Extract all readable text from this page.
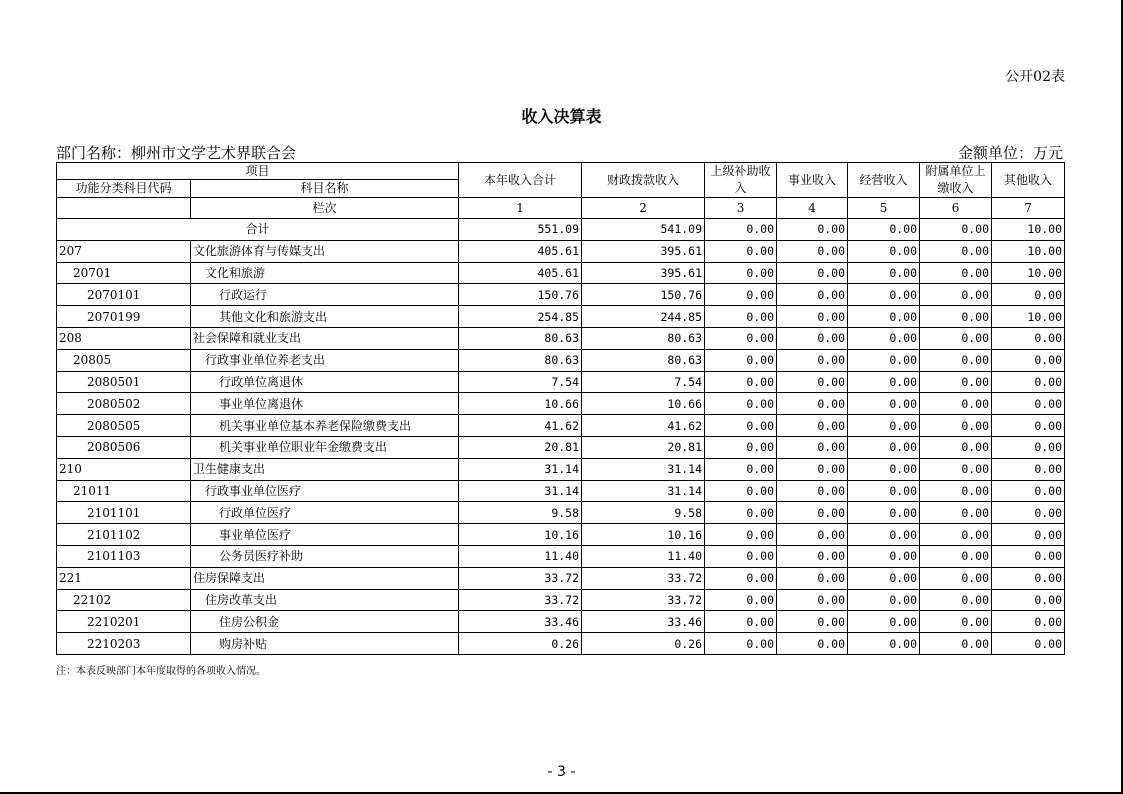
公开02表
收入决算表
部门名称：柳州市文学艺术界联合会	金额单位：万元
项目		本年收入合计	财政拨款收入	上级补助收入	事业收入	经营收入	附属单位上缴收入	其他收入
功能分类科目代码	科目名称							
	栏次	1	2	3	4	5	6	7
合计		551.09	541.09	0.00	0.00	0.00	0.00	10.00
207	文化旅游体育与传媒支出	405.61	395.61	0.00	0.00	0.00	0.00	10.00
20701	文化和旅游	405.61	395.61	0.00	0.00	0.00	0.00	10.00
2070101	行政运行	150.76	150.76	0.00	0.00	0.00	0.00	0.00
2070199	其他文化和旅游支出	254.85	244.85	0.00	0.00	0.00	0.00	10.00
208	社会保障和就业支出	80.63	80.63	0.00	0.00	0.00	0.00	0.00
20805	行政事业单位养老支出	80.63	80.63	0.00	0.00	0.00	0.00	0.00
2080501	行政单位离退休	7.54	7.54	0.00	0.00	0.00	0.00	0.00
2080502	事业单位离退休	10.66	10.66	0.00	0.00	0.00	0.00	0.00
2080505	机关事业单位基本养老保险缴费支出	41.62	41.62	0.00	0.00	0.00	0.00	0.00
2080506	机关事业单位职业年金缴费支出	20.81	20.81	0.00	0.00	0.00	0.00	0.00
210	卫生健康支出	31.14	31.14	0.00	0.00	0.00	0.00	0.00
21011	行政事业单位医疗	31.14	31.14	0.00	0.00	0.00	0.00	0.00
2101101	行政单位医疗	9.58	9.58	0.00	0.00	0.00	0.00	0.00
2101102	事业单位医疗	10.16	10.16	0.00	0.00	0.00	0.00	0.00
2101103	公务员医疗补助	11.40	11.40	0.00	0.00	0.00	0.00	0.00
221	住房保障支出	33.72	33.72	0.00	0.00	0.00	0.00	0.00
22102	住房改革支出	33.72	33.72	0.00	0.00	0.00	0.00	0.00
2210201	住房公积金	33.46	33.46	0.00	0.00	0.00	0.00	0.00
2210203	购房补贴	0.26	0.26	0.00	0.00	0.00	0.00	0.00
注：本表反映部门本年度取得的各项收入情况。
- 3 -
